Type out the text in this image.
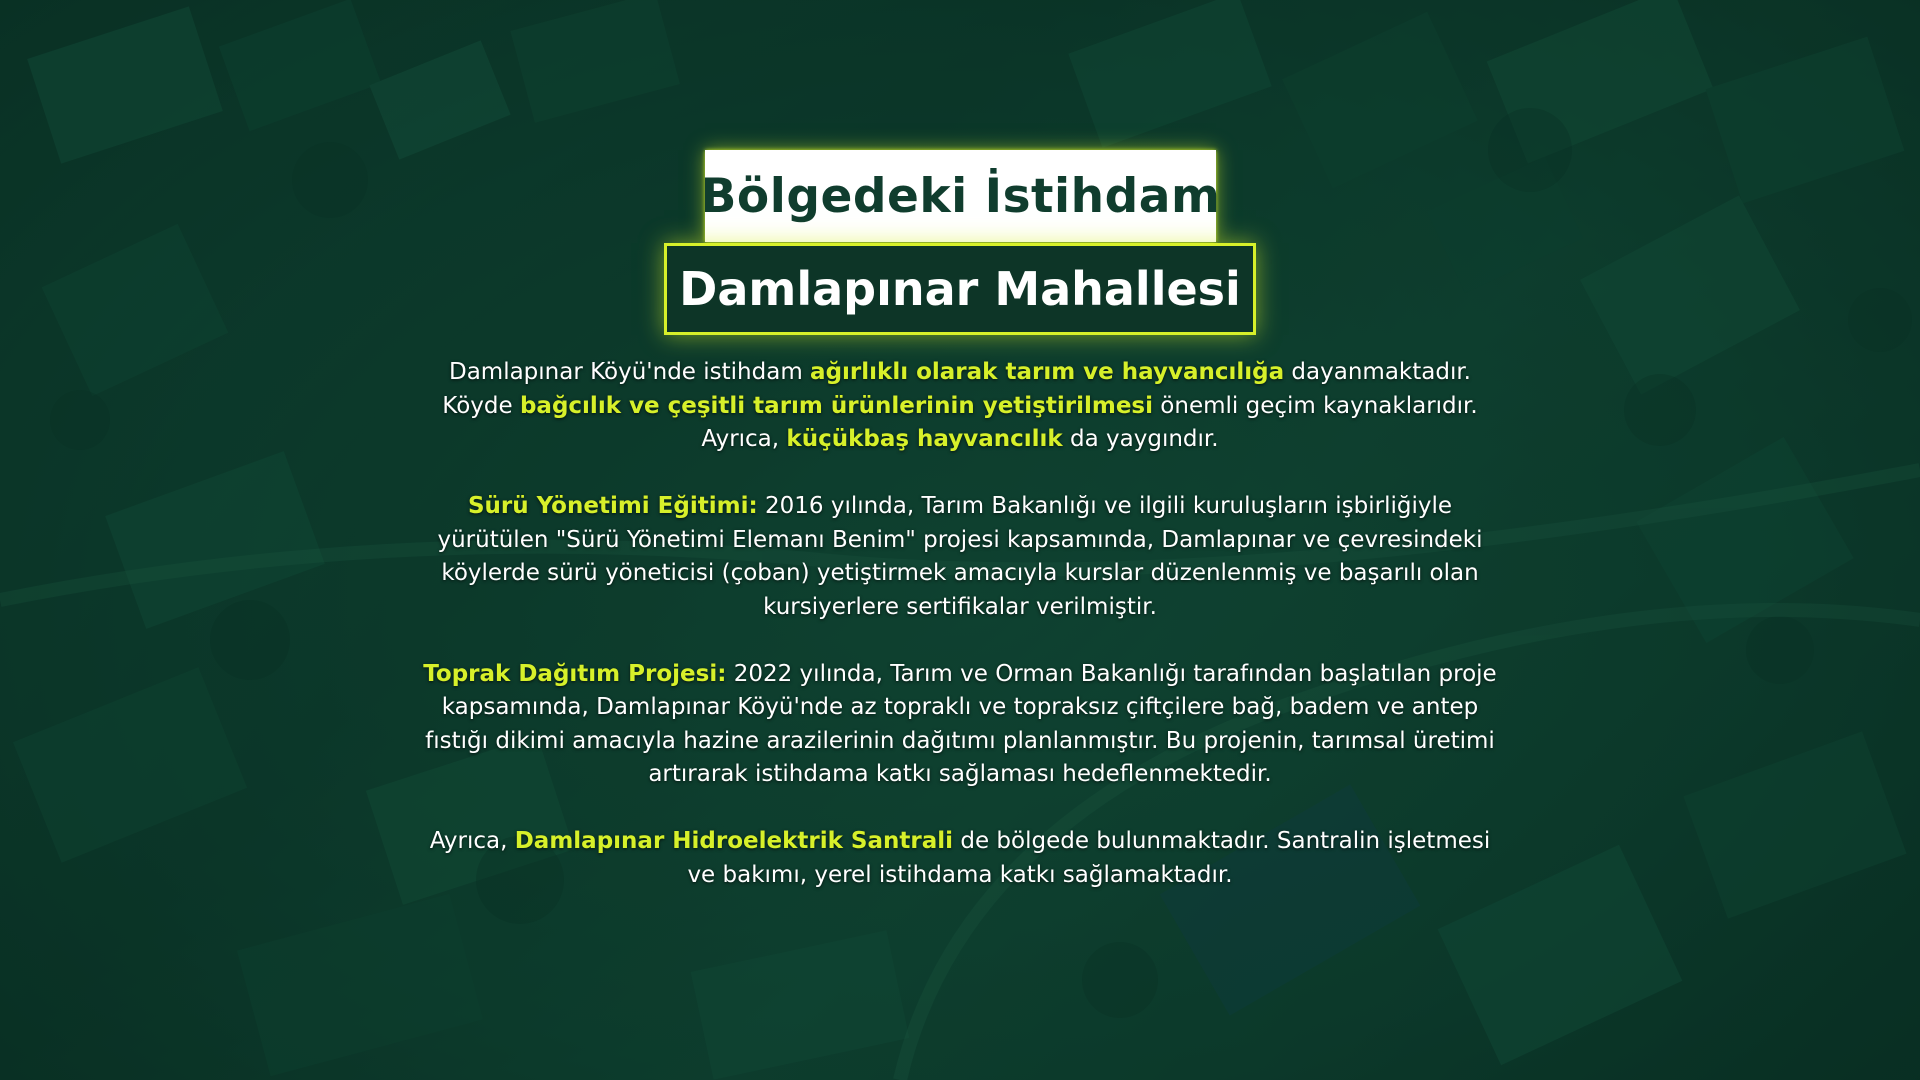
Bölgedeki İstihdam
Damlapınar Mahallesi

Damlapınar Köyü'nde istihdam ağırlıklı olarak tarım ve hayvancılığa dayanmaktadır. Köyde bağcılık ve çeşitli tarım ürünlerinin yetiştirilmesi önemli geçim kaynaklarıdır. Ayrıca, küçükbaş hayvancılık da yaygındır.

Sürü Yönetimi Eğitimi: 2016 yılında, Tarım Bakanlığı ve ilgili kuruluşların işbirliğiyle yürütülen "Sürü Yönetimi Elemanı Benim" projesi kapsamında, Damlapınar ve çevresindeki köylerde sürü yöneticisi (çoban) yetiştirmek amacıyla kurslar düzenlenmiş ve başarılı olan kursiyerlere sertifikalar verilmiştir.

Toprak Dağıtım Projesi: 2022 yılında, Tarım ve Orman Bakanlığı tarafından başlatılan proje kapsamında, Damlapınar Köyü'nde az topraklı ve topraksız çiftçilere bağ, badem ve antep fıstığı dikimi amacıyla hazine arazilerinin dağıtımı planlanmıştır. Bu projenin, tarımsal üretimi artırarak istihdama katkı sağlaması hedeflenmektedir.

Ayrıca, Damlapınar Hidroelektrik Santrali de bölgede bulunmaktadır. Santralin işletmesi ve bakımı, yerel istihdama katkı sağlamaktadır.
